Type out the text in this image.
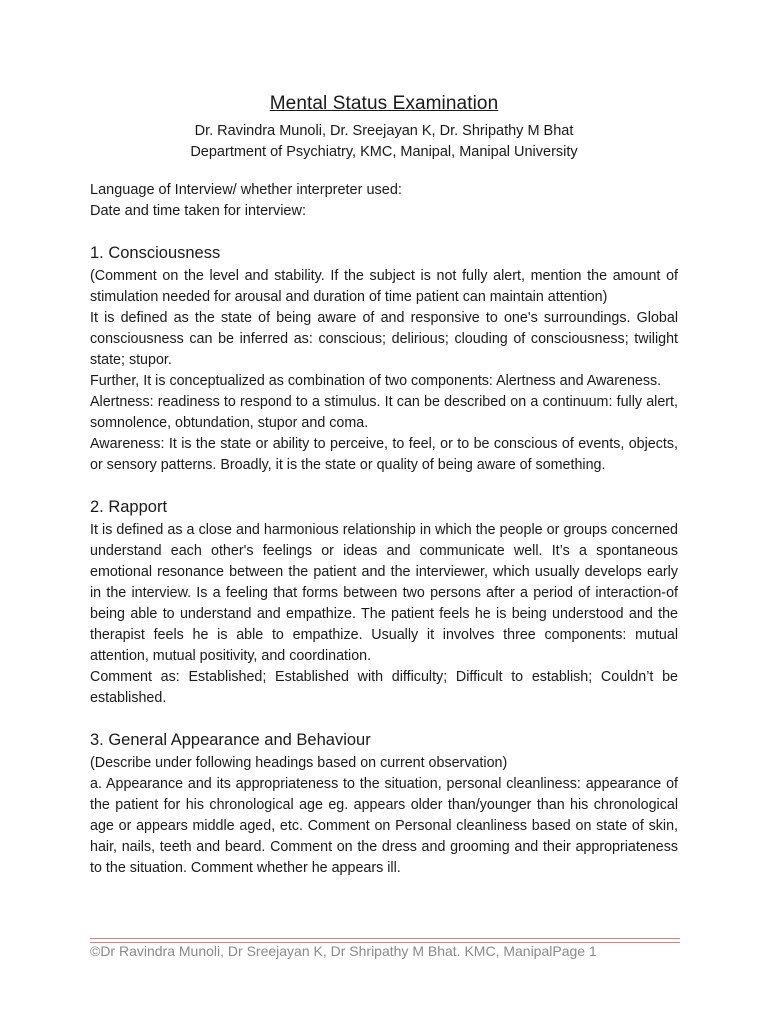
Mental Status Examination

Dr. Ravindra Munoli, Dr. Sreejayan K, Dr. Shripathy M Bhat

Department of Psychiatry, KMC, Manipal, Manipal University

Language of Interview/ whether interpreter used:

Date and time taken for interview:

1. Consciousness

(Comment on the level and stability. If the subject is not fully alert, mention the amount of stimulation needed for arousal and duration of time patient can maintain attention)

It is defined as the state of being aware of and responsive to one's surroundings. Global consciousness can be inferred as: conscious; delirious; clouding of consciousness; twilight state; stupor.

Further, It is conceptualized as combination of two components: Alertness and Awareness.

Alertness: readiness to respond to a stimulus. It can be described on a continuum: fully alert, somnolence, obtundation, stupor and coma.

Awareness: It is the state or ability to perceive, to feel, or to be conscious of events, objects, or sensory patterns. Broadly, it is the state or quality of being aware of something.

2. Rapport

It is defined as a close and harmonious relationship in which the people or groups concerned understand each other's feelings or ideas and communicate well. It’s a spontaneous emotional resonance between the patient and the interviewer, which usually develops early in the interview. Is a feeling that forms between two persons after a period of interaction-of being able to understand and empathize. The patient feels he is being understood and the therapist feels he is able to empathize. Usually it involves three components: mutual attention, mutual positivity, and coordination.

Comment as: Established; Established with difficulty; Difficult to establish; Couldn’t be established.

3. General Appearance and Behaviour

(Describe under following headings based on current observation)

a. Appearance and its appropriateness to the situation, personal cleanliness: appearance of the patient for his chronological age eg. appears older than/younger than his chronological age or appears middle aged, etc. Comment on Personal cleanliness based on state of skin, hair, nails, teeth and beard. Comment on the dress and grooming and their appropriateness to the situation. Comment whether he appears ill.

©Dr Ravindra Munoli, Dr Sreejayan K, Dr Shripathy M Bhat. KMC, ManipalPage 1
